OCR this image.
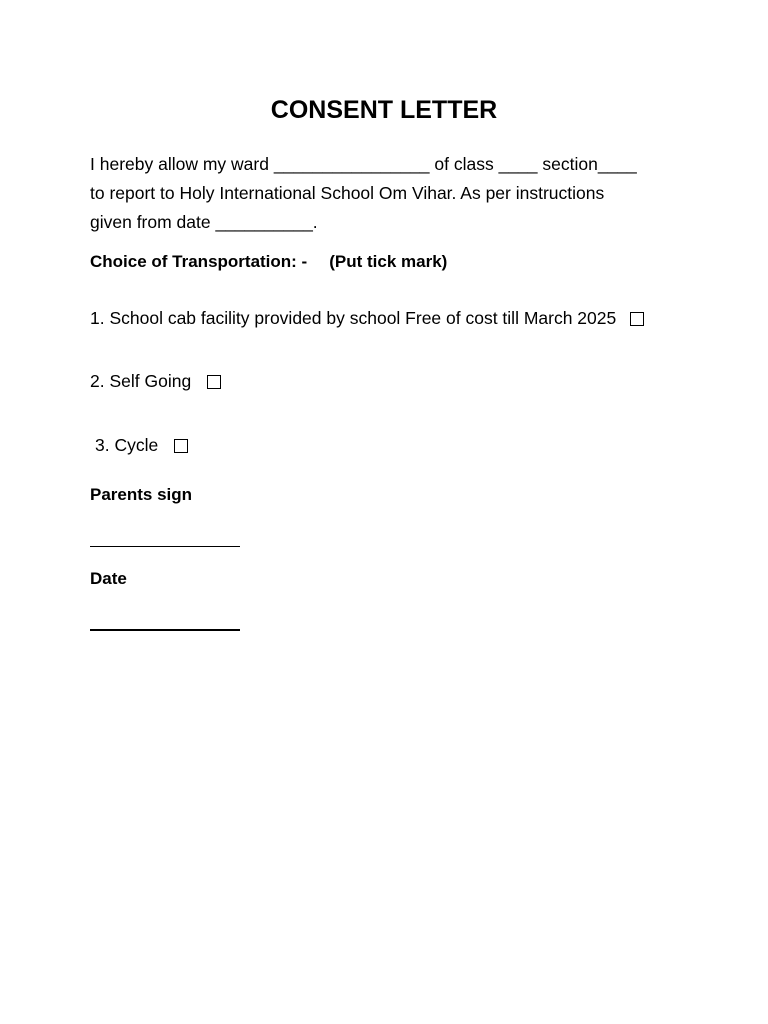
CONSENT LETTER
I hereby allow my ward ________________ of class ____ section____
to report to Holy International School Om Vihar. As per instructions
given from date __________.
Choice of Transportation: - (Put tick mark)
1. School cab facility provided by school Free of cost till March 2025
2. Self Going
3. Cycle
Parents sign
Date
